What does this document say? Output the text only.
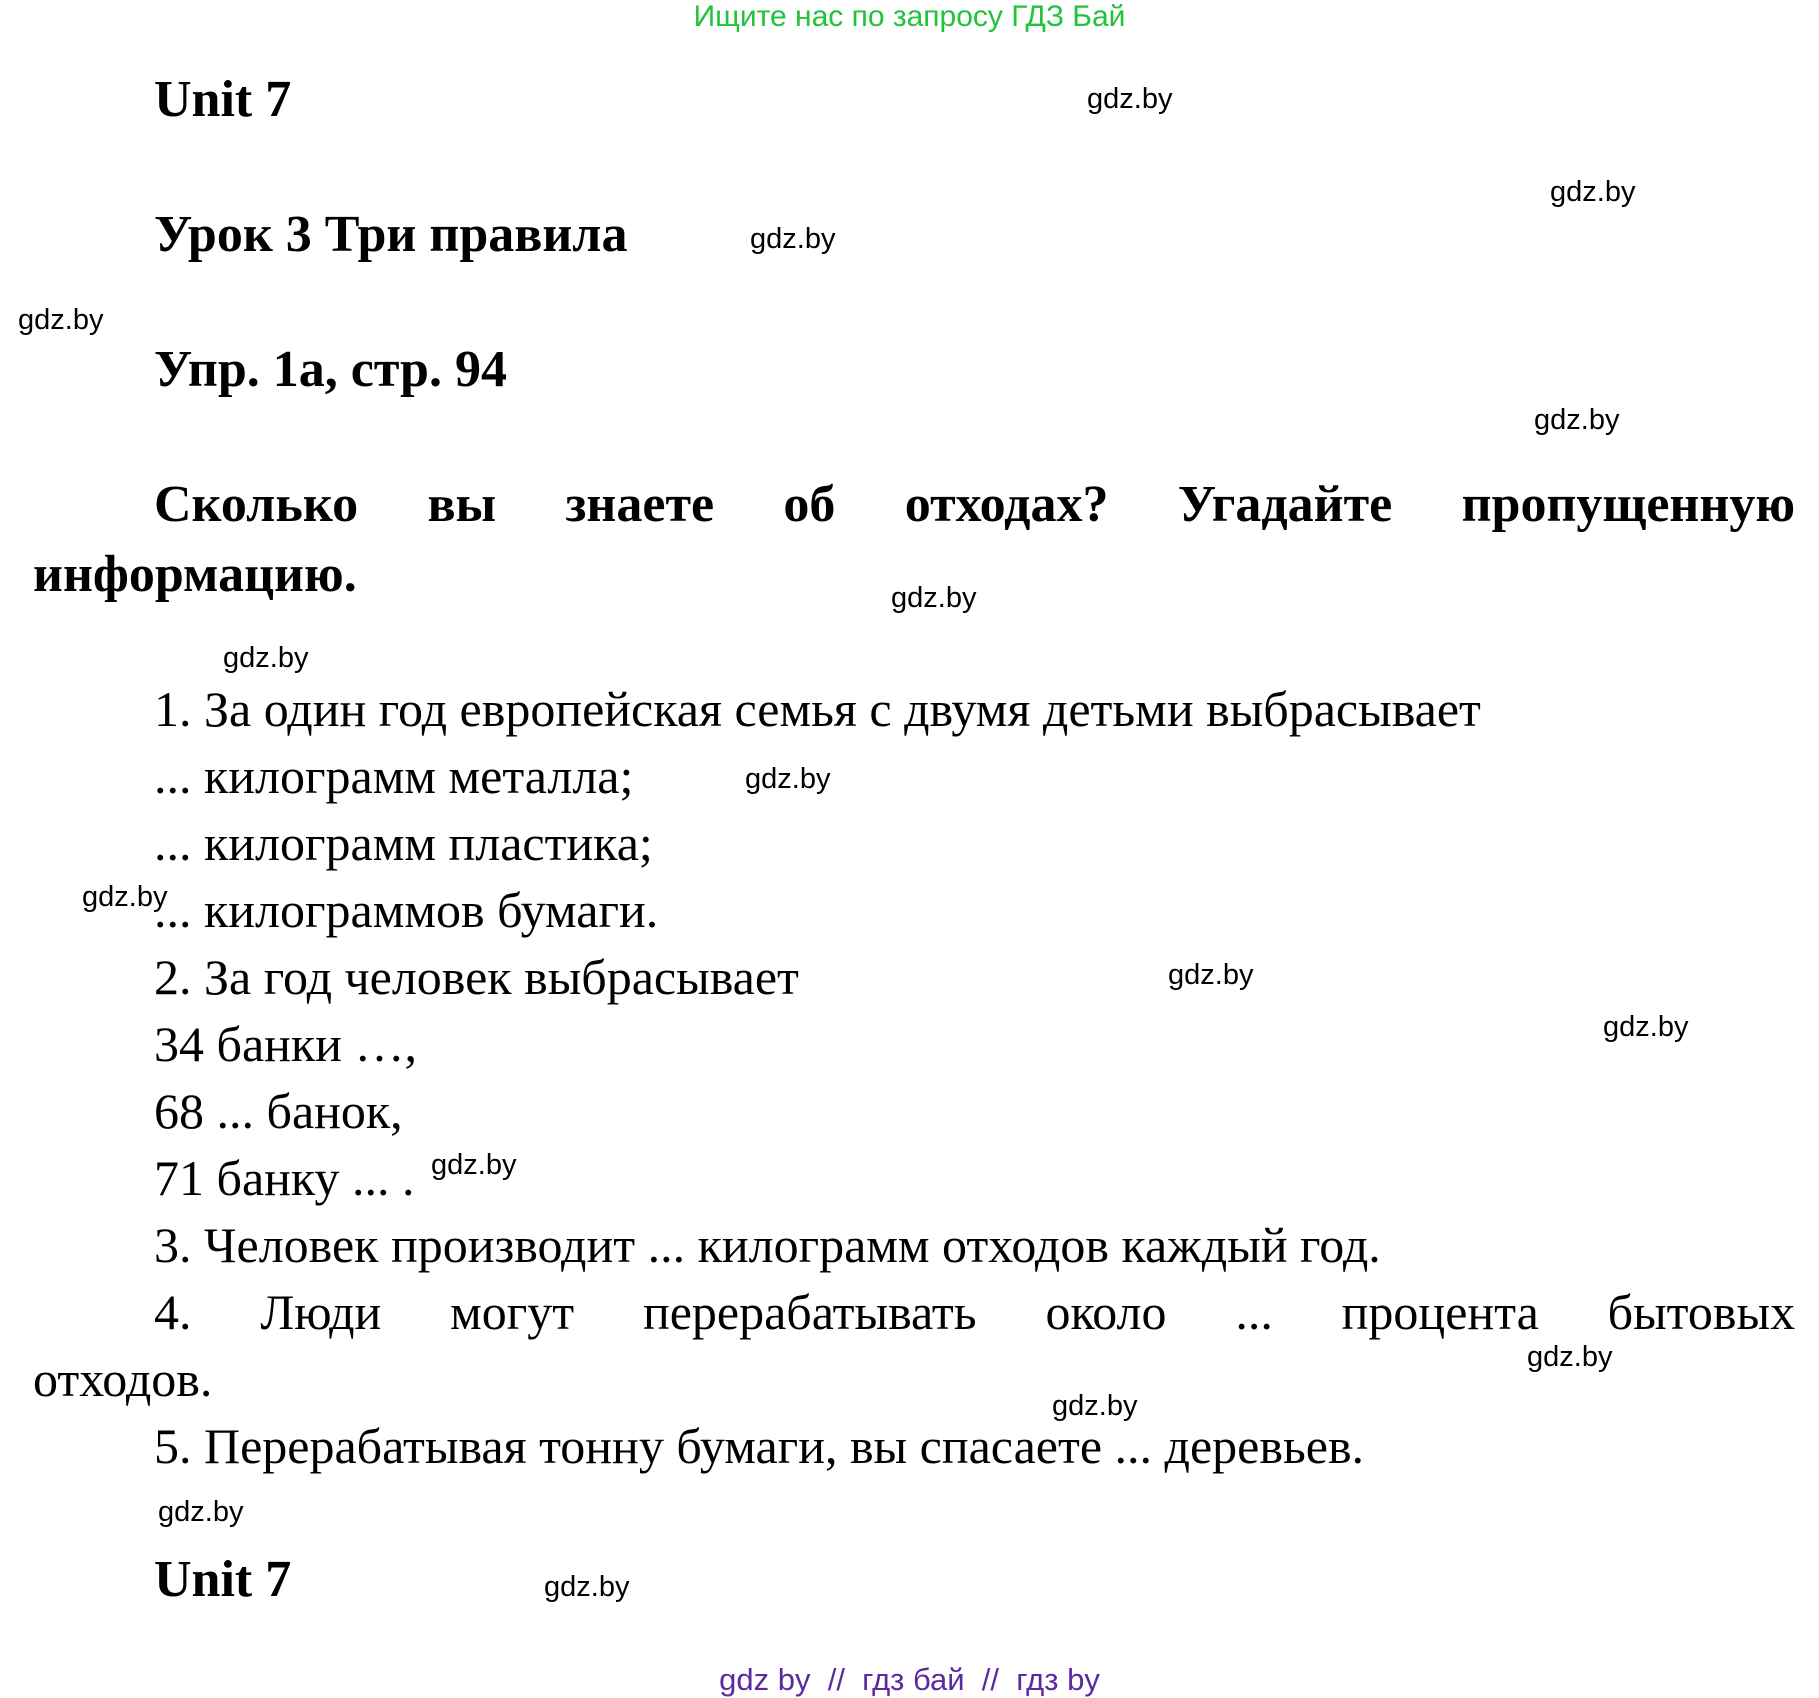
Ищите нас по запросу ГДЗ Бай
Unit 7
Урок 3 Три правила
Упр. 1а, стр. 94
Сколько вы знаете об отходах? Угадайте пропущенную
информацию.
1. За один год европейская семья с двумя детьми выбрасывает
... килограмм металла;
... килограмм пластика;
... килограммов бумаги.
2. За год человек выбрасывает
34 банки …,
68 ... банок,
71 банку ... .
3. Человек производит ... килограмм отходов каждый год.
4. Люди могут перерабатывать около ... процента бытовых
отходов.
5. Перерабатывая тонну бумаги, вы спасаете ... деревьев.
Unit 7
gdz.by
gdz.by
gdz.by
gdz.by
gdz.by
gdz.by
gdz.by
gdz.by
gdz.by
gdz.by
gdz.by
gdz.by
gdz.by
gdz.by
gdz.by
gdz.by
gdz by  //  гдз бай  //  гдз by
